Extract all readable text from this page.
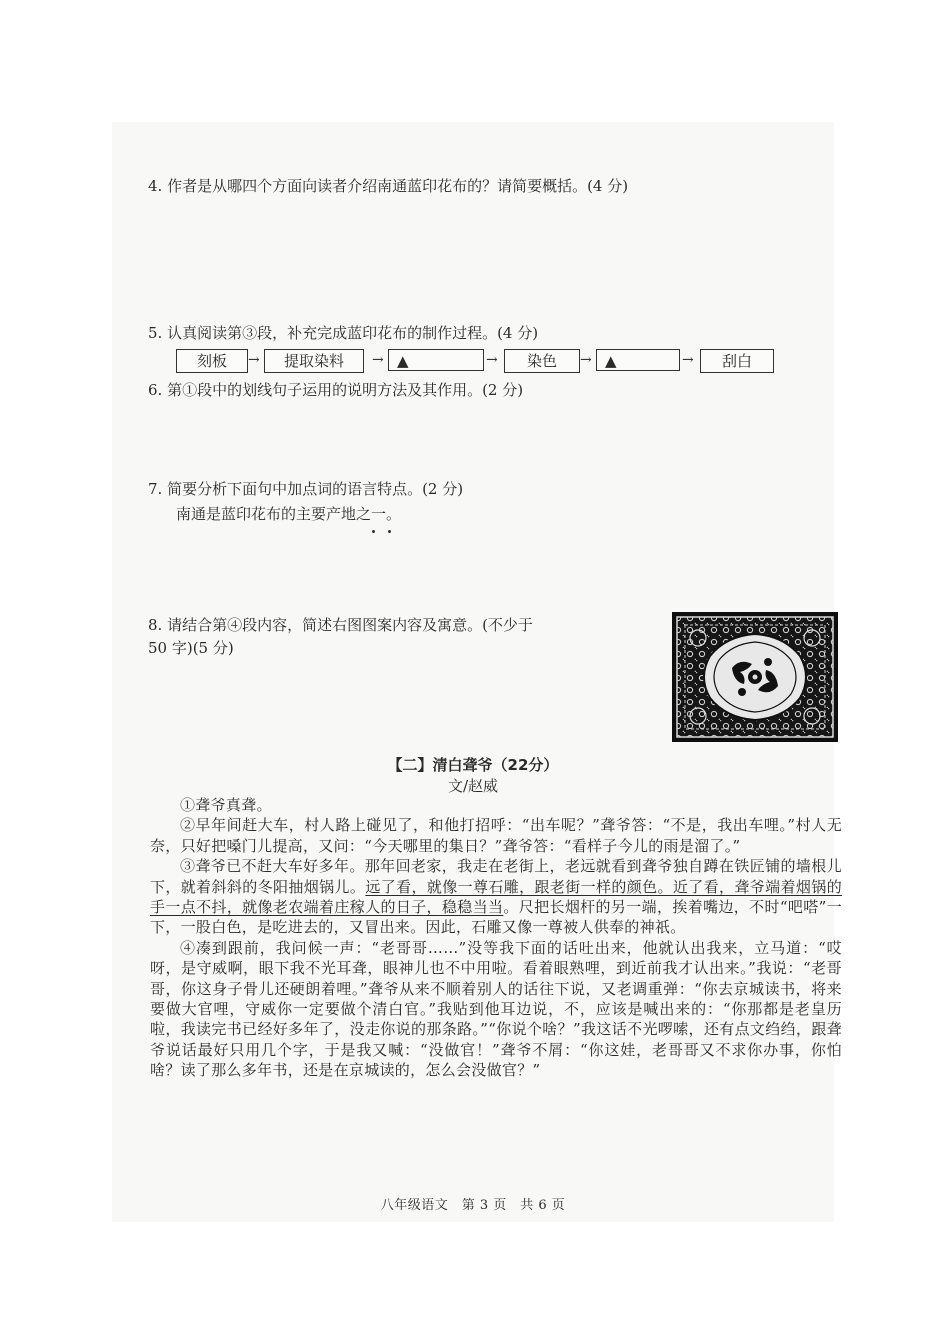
4. 作者是从哪四个方面向读者介绍南通蓝印花布的？请简要概括。(4 分)
5. 认真阅读第③段，补充完成蓝印花布的制作过程。(4 分)
刻板	→	提取染料	→ ▲	→	染色	→ ▲	→	刮白
6. 第①段中的划线句子运用的说明方法及其作用。(2 分)
7. 简要分析下面句中加点词的语言特点。(2 分)
南通是蓝印花布的主要产地之一。
8. 请结合第④段内容，简述右图图案内容及寓意。(不少于
50 字)(5 分)
【二】清白聋爷（22分）
文/赵威

①聋爷真聋。

②早年间赶大车，村人路上碰见了，和他打招呼：“出车呢？”聋爷答：“不是，我出车哩。”村人无奈，只好把嗓门儿提高，又问：“今天哪里的集日？”聋爷答：“看样子今儿的雨是溜了。”

③聋爷已不赶大车好多年。那年回老家，我走在老街上，老远就看到聋爷独自蹲在铁匠铺的墙根儿下，就着斜斜的冬阳抽烟锅儿。远了看，就像一尊石雕，跟老街一样的颜色。近了看，聋爷端着烟锅的手一点不抖，就像老农端着庄稼人的日子，稳稳当当。尺把长烟杆的另一端，挨着嘴边，不时“吧嗒”一下，一股白色，是吃进去的，又冒出来。因此，石雕又像一尊被人供奉的神祇。

④凑到跟前，我问候一声：“老哥哥……”没等我下面的话吐出来，他就认出我来，立马道：“哎呀，是守威啊，眼下我不光耳聋，眼神儿也不中用啦。看着眼熟哩，到近前我才认出来。”我说：“老哥哥，你这身子骨儿还硬朗着哩。”聋爷从来不顺着别人的话往下说，又老调重弹：“你去京城读书，将来要做大官哩，守威你一定要做个清白官。”我贴到他耳边说，不，应该是喊出来的：“你那都是老皇历啦，我读完书已经好多年了，没走你说的那条路。”“你说个啥？”我这话不光啰嗦，还有点文绉绉，跟聋爷说话最好只用几个字，于是我又喊：“没做官！”聋爷不屑：“你这娃，老哥哥又不求你办事，你怕啥？读了那么多年书，还是在京城读的，怎么会没做官？”

八年级语文　第 3 页　共 6 页
